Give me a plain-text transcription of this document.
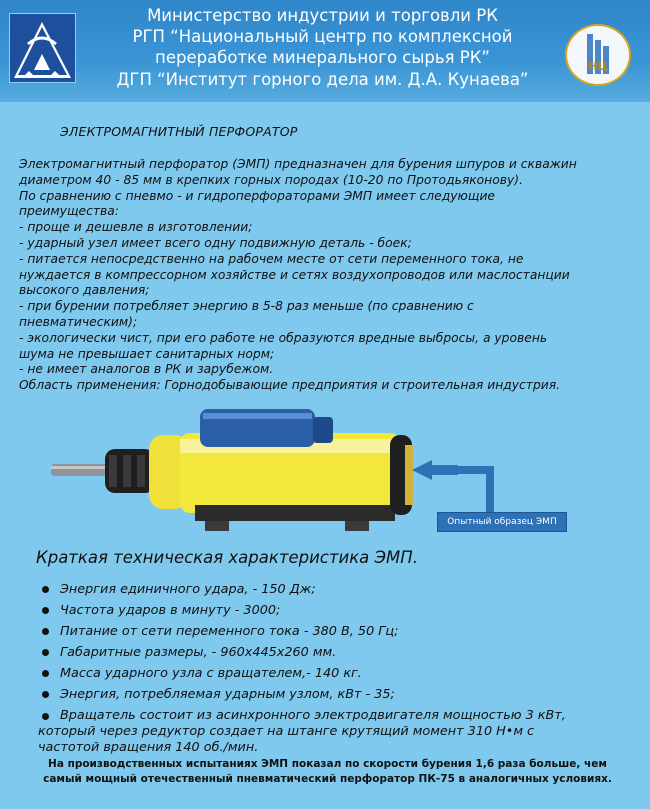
Министерство индустрии и торговли РК
РГП “Национальный центр по комплексной
переработке минерального сырья РК”
ДГП “Институт горного дела им. Д.А. Кунаева”
НЦ
ЭЛЕКТРОМАГНИТНЫЙ ПЕРФОРАТОР

Электромагнитный перфоратор (ЭМП) предназначен для бурения шпуров и скважин

диаметром 40 - 85 мм в крепких горных породах (10-20 по Протодьяконову).

По сравнению с пневмо - и гидроперфораторами ЭМП имеет следующие

преимущества:

- проще и дешевле в изготовлении;

- ударный узел имеет всего одну подвижную деталь - боек;

- питается непосредственно на рабочем месте от сети переменного тока, не

нуждается в компрессорном хозяйстве и сетях воздухопроводов или маслостанции

высокого давления;

- при бурении потребляет энергию в 5-8 раз меньше (по сравнению с

пневматическим);

- экологически чист, при его работе не образуются вредные выбросы, а уровень

шума не превышает санитарных норм;

- не имеет аналогов в РК и зарубежом.

Область применения: Горнодобывающие предприятия и строительная индустрия.

Опытный образец ЭМП
Краткая техническая характеристика ЭМП.
Энергия единичного удара, - 150 Дж;
Частота ударов в минуту - 3000;
Питание от сети переменного тока - 380 В, 50 Гц;
Габаритные размеры, - 960х445х260 мм.
Масса ударного узла с вращателем,- 140 кг.
Энергия, потребляемая ударным узлом, кВт - 35;
Вращатель состоит из асинхронного электродвигателя мощностью 3 кВт,
который через редуктор создает на штанге крутящий момент 310 Н•м с
частотой вращения 140 об./мин.
На производственных испытаниях ЭМП показал по скорости бурения 1,6 раза больше, чем
самый мощный отечественный пневматический перфоратор ПК-75 в аналогичных условиях.
